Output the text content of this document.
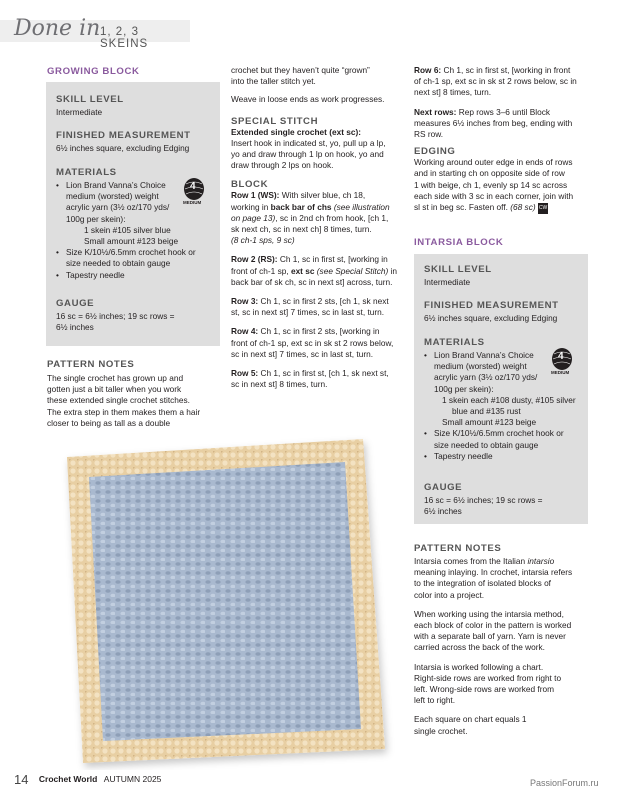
Done in 1, 2, 3 SKEINS
GROWING BLOCK
SKILL LEVEL
Intermediate
FINISHED MEASUREMENT
6½ inches square, excluding Edging
MATERIALS
• Lion Brand Vanna’s Choice
medium (worsted) weight
acrylic yarn (3½ oz/170 yds/
100g per skein):
1 skein #105 silver blue
Small amount #123 beige
• Size K/10½/6.5mm crochet hook or
size needed to obtain gauge
• Tapestry needle
4
MEDIUM
GAUGE
16 sc = 6½ inches; 19 sc rows =
6½ inches
PATTERN NOTES
The single crochet has grown up and
gotten just a bit taller when you work
these extended single crochet stitches.
The extra step in them makes them a hair
closer to being as tall as a double
crochet but they haven’t quite “grown”
into the taller stitch yet.
Weave in loose ends as work progresses.
SPECIAL STITCH
Extended single crochet (ext sc):
Insert hook in indicated st, yo, pull up a lp,
yo and draw through 1 lp on hook, yo and
draw through 2 lps on hook.
BLOCK
Row 1 (WS): With silver blue, ch 18,
working in back bar of chs (see illustration
on page 13), sc in 2nd ch from hook, [ch 1,
sk next ch, sc in next ch] 8 times, turn.
(8 ch-1 sps, 9 sc)
Row 2 (RS): Ch 1, sc in first st, [working in
front of ch-1 sp, ext sc (see Special Stitch) in
back bar of sk ch, sc in next st] across, turn.
Row 3: Ch 1, sc in first 2 sts, [ch 1, sk next
st, sc in next st] 7 times, sc in last st, turn.
Row 4: Ch 1, sc in first 2 sts, [working in
front of ch-1 sp, ext sc in sk st 2 rows below,
sc in next st] 7 times, sc in last st, turn.
Row 5: Ch 1, sc in first st, [ch 1, sk next st,
sc in next st] 8 times, turn.
Row 6: Ch 1, sc in first st, [working in front
of ch-1 sp, ext sc in sk st 2 rows below, sc in
next st] 8 times, turn.
Next rows: Rep rows 3–6 until Block
measures 6½ inches from beg, ending with
RS row.
EDGING
Working around outer edge in ends of rows
and in starting ch on opposite side of row
1 with beige, ch 1, evenly sp 14 sc across
each side with 3 sc in each corner, join with
sl st in beg sc. Fasten off. (68 sc) CW
INTARSIA BLOCK
SKILL LEVEL
Intermediate
FINISHED MEASUREMENT
6½ inches square, excluding Edging
MATERIALS
• Lion Brand Vanna’s Choice
medium (worsted) weight
acrylic yarn (3½ oz/170 yds/
100g per skein):
1 skein each #108 dusty, #105 silver
blue and #135 rust
Small amount #123 beige
• Size K/10½/6.5mm crochet hook or
size needed to obtain gauge
• Tapestry needle
4
MEDIUM
GAUGE
16 sc = 6½ inches; 19 sc rows =
6½ inches
PATTERN NOTES
Intarsia comes from the Italian intarsio
meaning inlaying. In crochet, intarsia refers
to the integration of isolated blocks of
color into a project.
When working using the intarsia method,
each block of color in the pattern is worked
with a separate ball of yarn. Yarn is never
carried across the back of the work.
Intarsia is worked following a chart.
Right-side rows are worked from right to
left. Wrong-side rows are worked from
left to right.
Each square on chart equals 1
single crochet.
14 Crochet World AUTUMN 2025	PassionForum.ru
